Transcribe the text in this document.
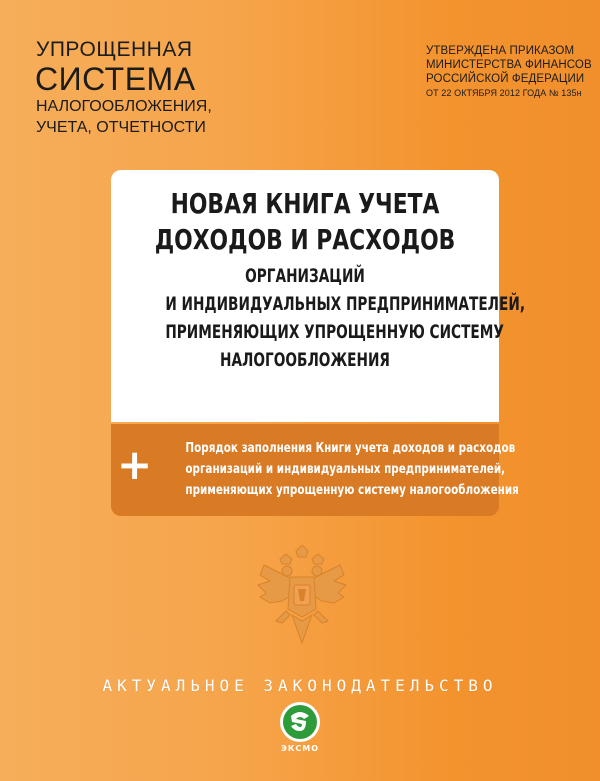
УПРОЩЕННАЯ
СИСТЕМА
НАЛОГООБЛОЖЕНИЯ,
УЧЕТА, ОТЧЕТНОСТИ
УТВЕРЖДЕНА ПРИКАЗОМ
МИНИСТЕРСТВА ФИНАНСОВ
РОССИЙСКОЙ ФЕДЕРАЦИИ
ОТ 22 ОКТЯБРЯ 2012 ГОДА № 135н
НОВАЯ КНИГА УЧЕТА
ДОХОДОВ И РАСХОДОВ
ОРГАНИЗАЦИЙ
И ИНДИВИДУАЛЬНЫХ ПРЕДПРИНИМАТЕЛЕЙ,
ПРИМЕНЯЮЩИХ УПРОЩЕННУЮ СИСТЕМУ
НАЛОГООБЛОЖЕНИЯ
+	Порядок заполнения Книги учета доходов и расходов
организаций и индивидуальных предпринимателей,
применяющих упрощенную систему налогообложения
АКТУАЛЬНОЕ ЗАКОНОДАТЕЛЬСТВО
ЭКСМО
